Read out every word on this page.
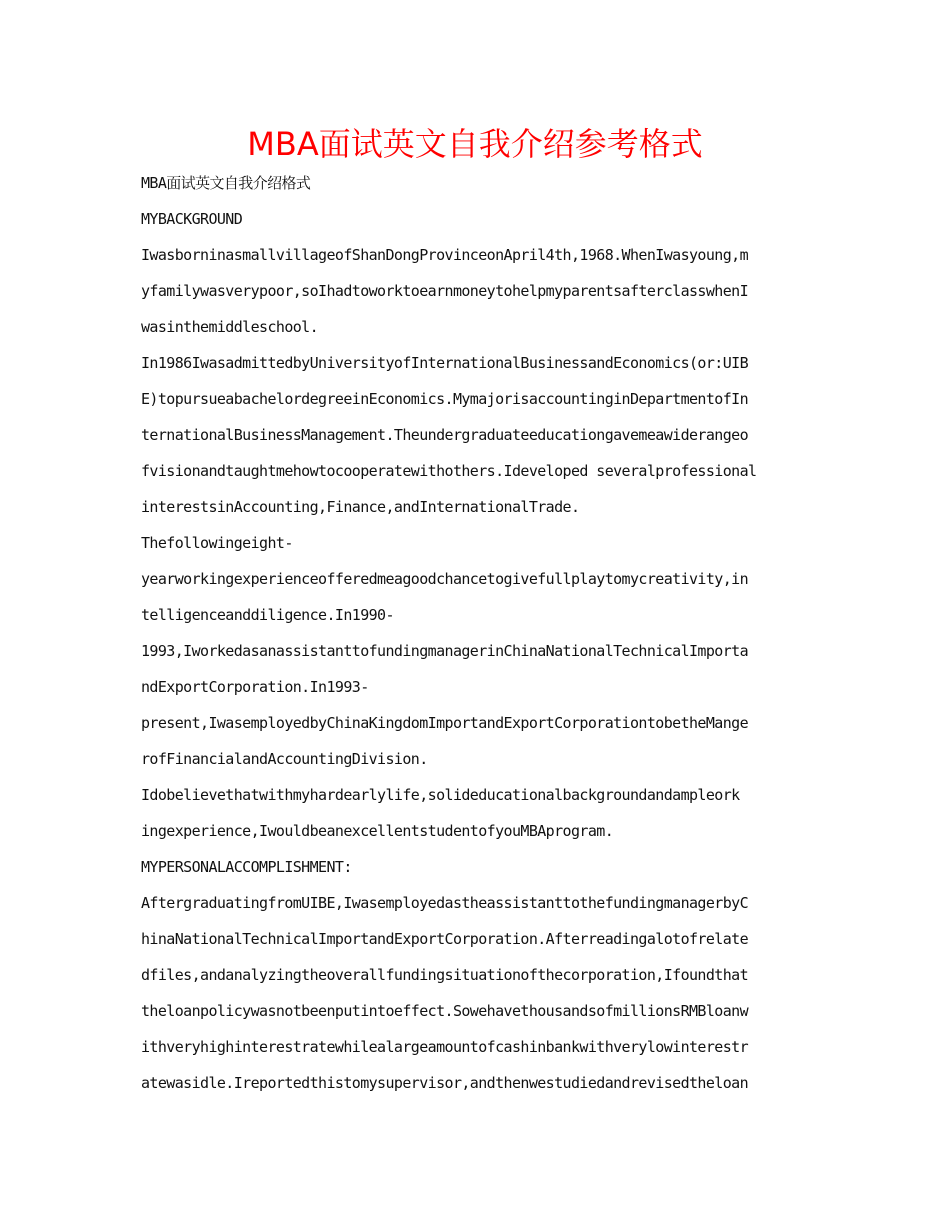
MBA面试英文自我介绍参考格式
MBA面试英文自我介绍格式
MYBACKGROUND
IwasborninasmallvillageofShanDongProvinceonApril4th,1968.WhenIwasyoung,m
yfamilywasverypoor,soIhadtoworktoearnmoneytohelpmyparentsafterclasswhenI
wasinthemiddleschool.
In1986IwasadmittedbyUniversityofInternationalBusinessandEconomics(or:UIB
E)topursueabachelordegreeinEconomics.MymajorisaccountinginDepartmentofIn
ternationalBusinessManagement.Theundergraduateeducationgavemeawiderangeo
fvisionandtaughtmehowtocooperatewithothers.Ideveloped severalprofessional
interestsinAccounting,Finance,andInternationalTrade.
Thefollowingeight-
yearworkingexperienceofferedmeagoodchancetogivefullplaytomycreativity,in
telligenceanddiligence.In1990-
1993,IworkedasanassistanttofundingmanagerinChinaNationalTechnicalImporta
ndExportCorporation.In1993-
present,IwasemployedbyChinaKingdomImportandExportCorporationtobetheMange
rofFinancialandAccountingDivision.
Idobelievethatwithmyhardearlylife,solideducationalbackgroundandampleork
ingexperience,IwouldbeanexcellentstudentofyouMBAprogram.
MYPERSONALACCOMPLISHMENT:
AftergraduatingfromUIBE,IwasemployedastheassistanttothefundingmanagerbyC
hinaNationalTechnicalImportandExportCorporation.Afterreadingalotofrelate
dfiles,andanalyzingtheoverallfundingsituationofthecorporation,Ifoundthat
theloanpolicywasnotbeenputintoeffect.SowehavethousandsofmillionsRMBloanw
ithveryhighinterestratewhilealargeamountofcashinbankwithverylowinterestr
atewasidle.Ireportedthistomysupervisor,andthenwestudiedandrevisedtheloan
